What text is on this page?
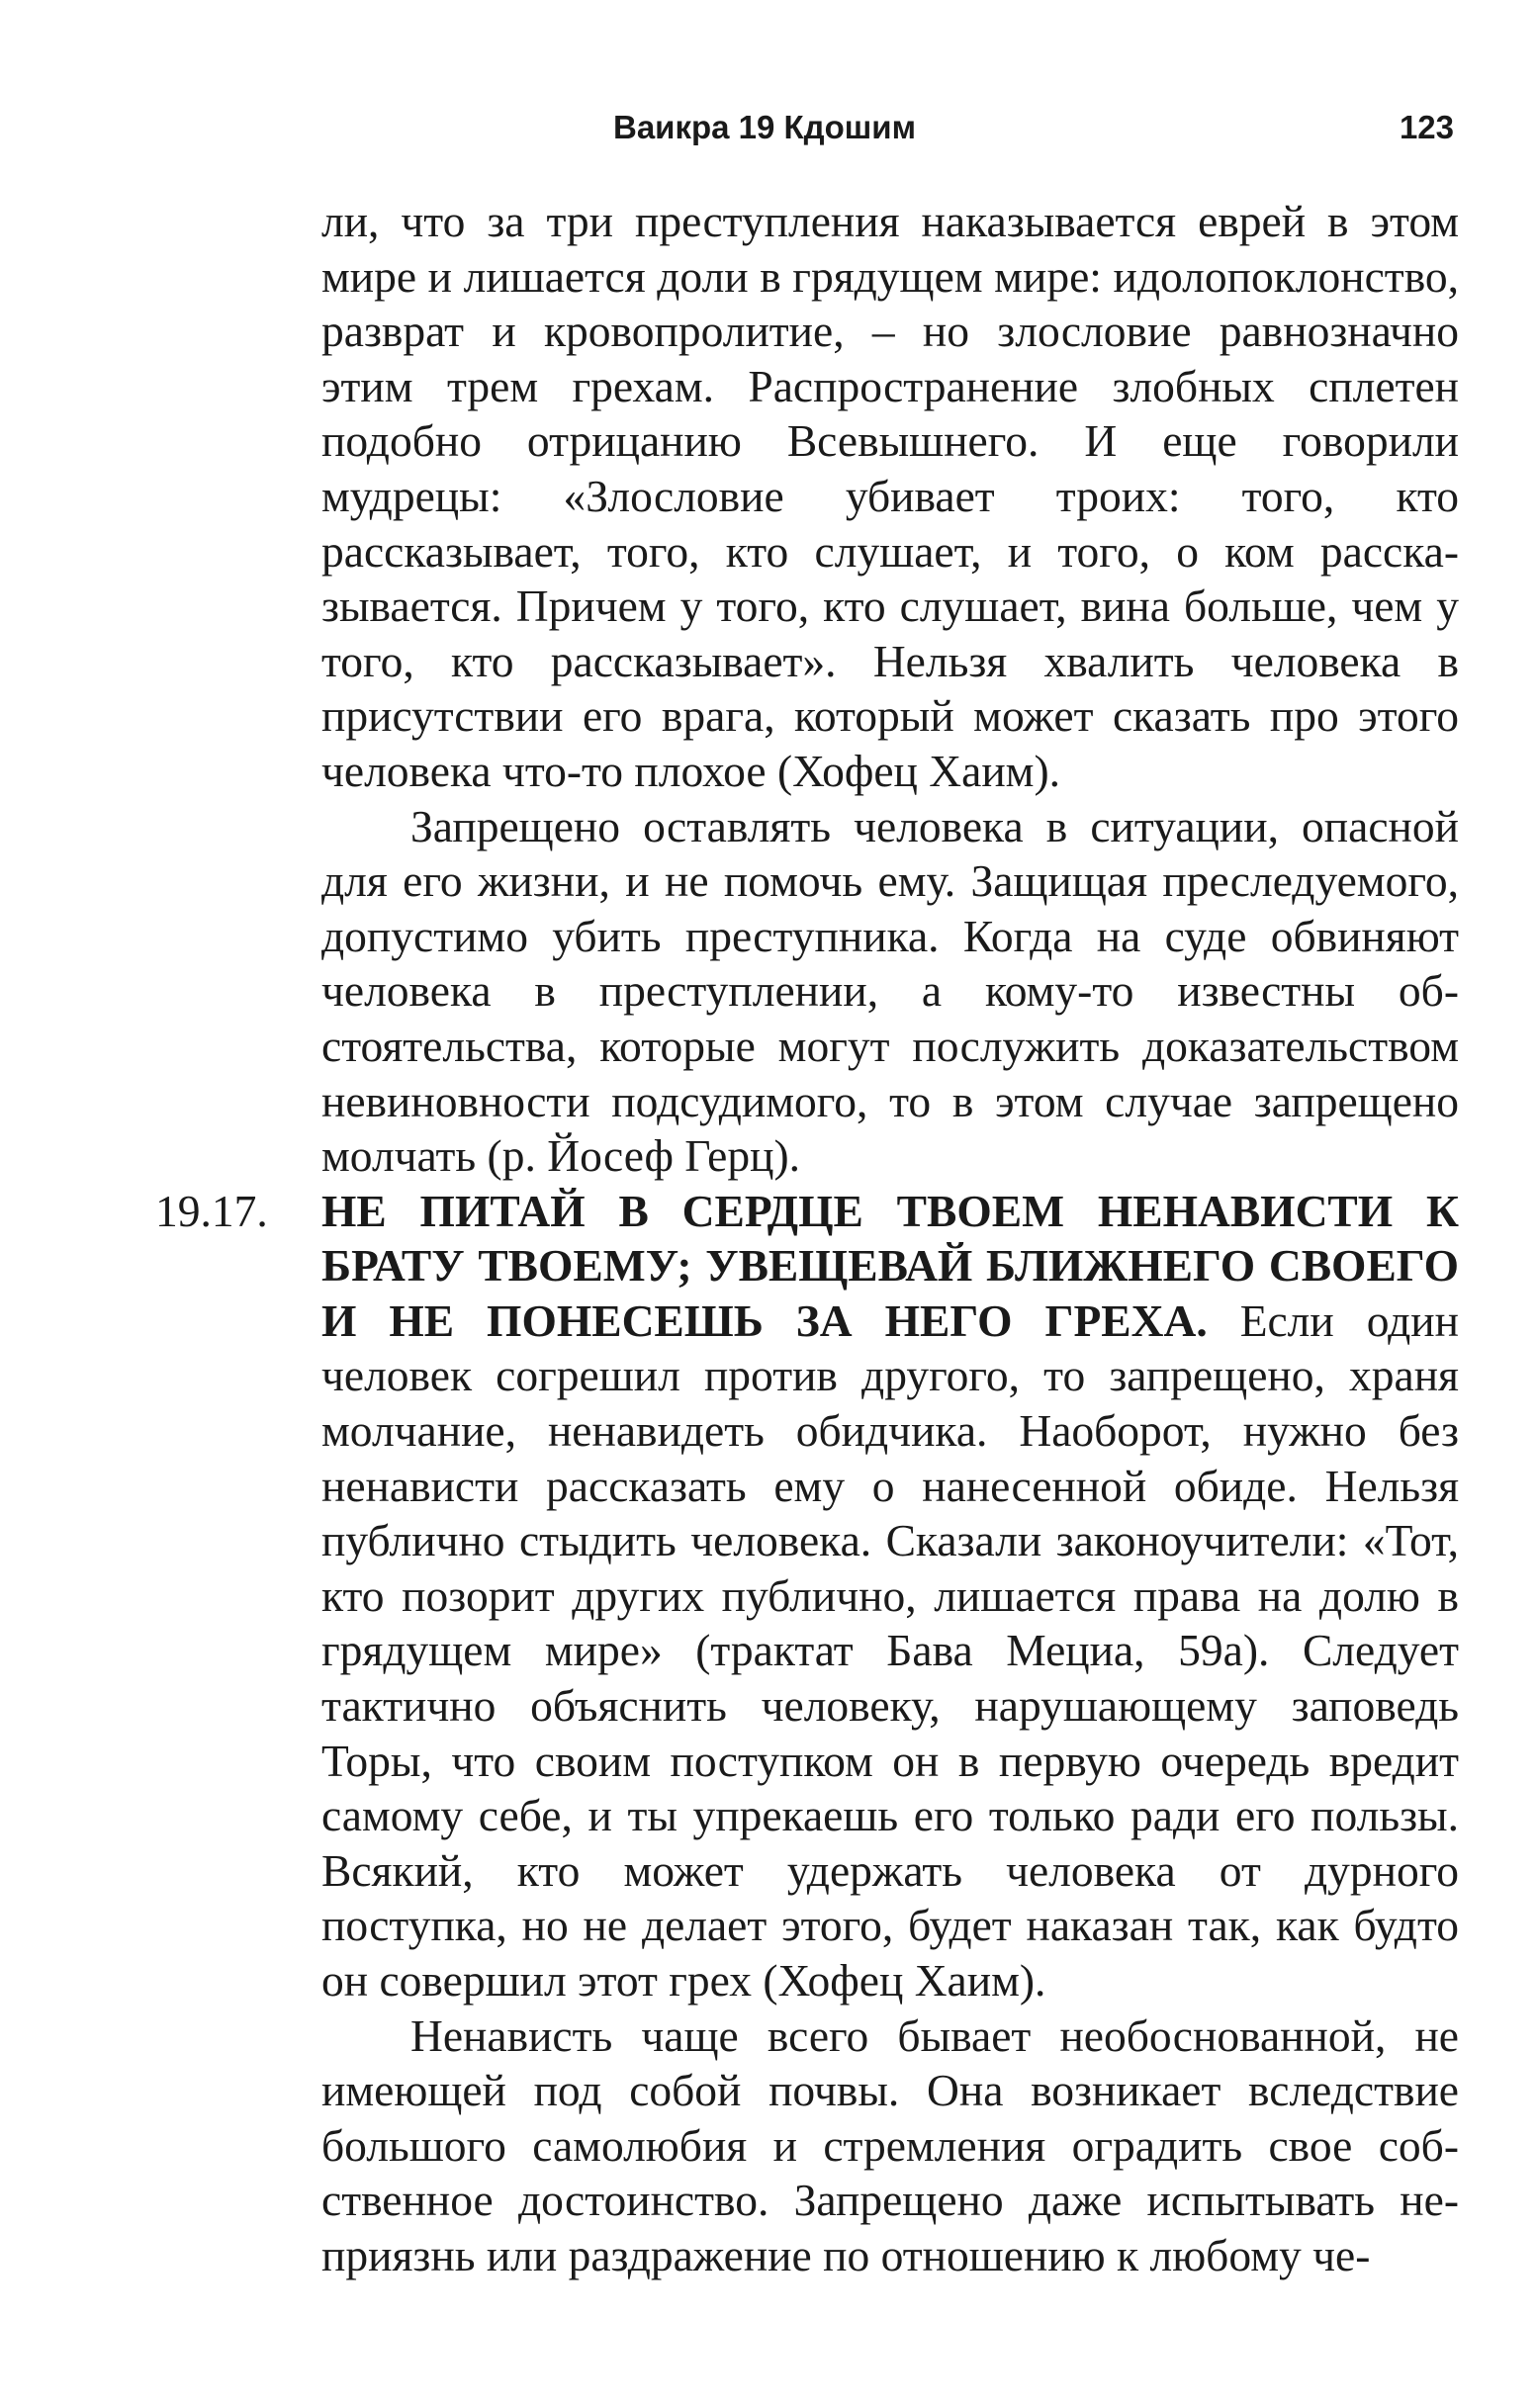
Ваикра 19 Кдошим	123

ли, что за три преступления наказывается еврей в этом мире и лишается доли в грядущем мире: идолопоклонство, разврат и кровопролитие, – но злословие равнозначно этим трем грехам. Распространение злобных сплетен подобно отрицанию Всевышнего. И еще говорили мудрецы: «Злословие убивает троих: того, кто рассказывает, того, кто слушает, и того, о ком рассказывается. Причем у того, кто слушает, вина больше, чем у того, кто рассказывает». Нельзя хвалить человека в присутствии его врага, который может сказать про этого человека что-то плохое (Хофец Хаим).

Запрещено оставлять человека в ситуации, опасной для его жизни, и не помочь ему. Защищая преследуемого, допустимо убить преступника. Когда на суде обвиняют человека в преступлении, а кому-то известны обстоятельства, которые могут послужить доказательством невиновности подсудимого, то в этом случае запрещено молчать (р. Йосеф Герц).

19.17. НЕ ПИТАЙ В СЕРДЦЕ ТВОЕМ НЕНАВИСТИ К БРАТУ ТВОЕМУ; УВЕЩЕВАЙ БЛИЖНЕГО СВОЕГО И НЕ ПОНЕСЕШЬ ЗА НЕГО ГРЕХА. Если один человек согрешил против другого, то запрещено, храня молчание, ненавидеть обидчика. Наоборот, нужно без ненависти рассказать ему о нанесенной обиде. Нельзя публично стыдить человека. Сказали законоучители: «Тот, кто позорит других публично, лишается права на долю в грядущем мире» (трактат Бава Мециа, 59а). Следует тактично объяснить человеку, нарушающему заповедь Торы, что своим поступком он в первую очередь вредит самому себе, и ты упрекаешь его только ради его пользы. Всякий, кто может удержать человека от дурного поступка, но не делает этого, будет наказан так, как будто он совершил этот грех (Хофец Хаим).

Ненависть чаще всего бывает необоснованной, не имеющей под собой почвы. Она возникает вследствие большого самолюбия и стремления оградить свое собственное достоинство. Запрещено даже испытывать неприязнь или раздражение по отношению к любому че-
